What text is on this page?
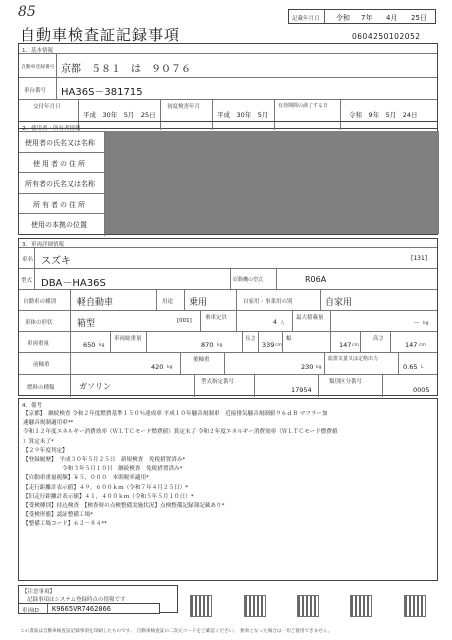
85
自動車検査証記録事項
記載年月日 令和 7年 4月 25日
0604250102052
1．基本情報
自動車登録番号 京都　５８１　は　９０７６
車台番号 HA36S－381715
交付年月日
平成　30年　5月　25日
初度検査年月
平成　30年　5月
有効期間の満了する日
令和　9年　5月　24日
2．使用者・所有者情報
使用者の氏名又は名称
使用者の住所
所有者の氏名又は名称
所有者の住所
使用の本拠の位置
3．車両詳細情報
車名 スズキ	[131]
型式 DBA－HA36S	原動機の型式	R06A
自動車の種別 軽自動車	用途 乗用	自家用・事業用の別	自家用
車体の形状	箱型	[001] 乗車定員
4 人
最大積載量
－ kg
車両重量	650 kg
車両総重量
870 kg
長さ
339 cm
幅
147 cm
高さ
147 cm
前軸重	420 kg
後軸重
230 kg
総排気量又は定格出力
0.65 L
燃料の種類	ガソリン	型式指定番号
17954
類別区分番号
0005
4．備考
【京都】　継続検査 令和２年度燃費基準１５０％達成車 平成１０年騒音規制車　近接排気騒音規制値９６ｄＢ マフラー加
速騒音規制適用車**
令和１２年度エネルギー消費効率（ＷＬＴＣモード燃費値）算定未了 令和２年度エネルギー消費効率（ＷＬＴＣモード燃費値
）算定未了*
【２９年度判定】
【登録履歴】　平成３０年５月２５日　新規検査　免税措置済み*
　　　　　　　令和３年５月１０日　継続検査　免税措置済み*
【自動車重量税額】￥５，０００　本則税率適用*
【走行距離計表示値】４９，６００ｋｍ（令和７年４月２５日）*
【旧走行距離計表示値】４１，４００ｋｍ（令和５年５月１０日）*
【受検種別】持込検査　【検査時の点検整備実施状況】点検整備記録簿記載あり*
【受検形態】認証整備工場*
【整備工場コード】６２－８４**
【注意事項】
記録事項はシステム登録時点の情報です
車両ID K9665VR7462066
この書面は自動車検査証記録事項を印刷したものです。　自動車検査証の二次元コードをご確認ください。　無効となった場合は一切ご使用できません。
